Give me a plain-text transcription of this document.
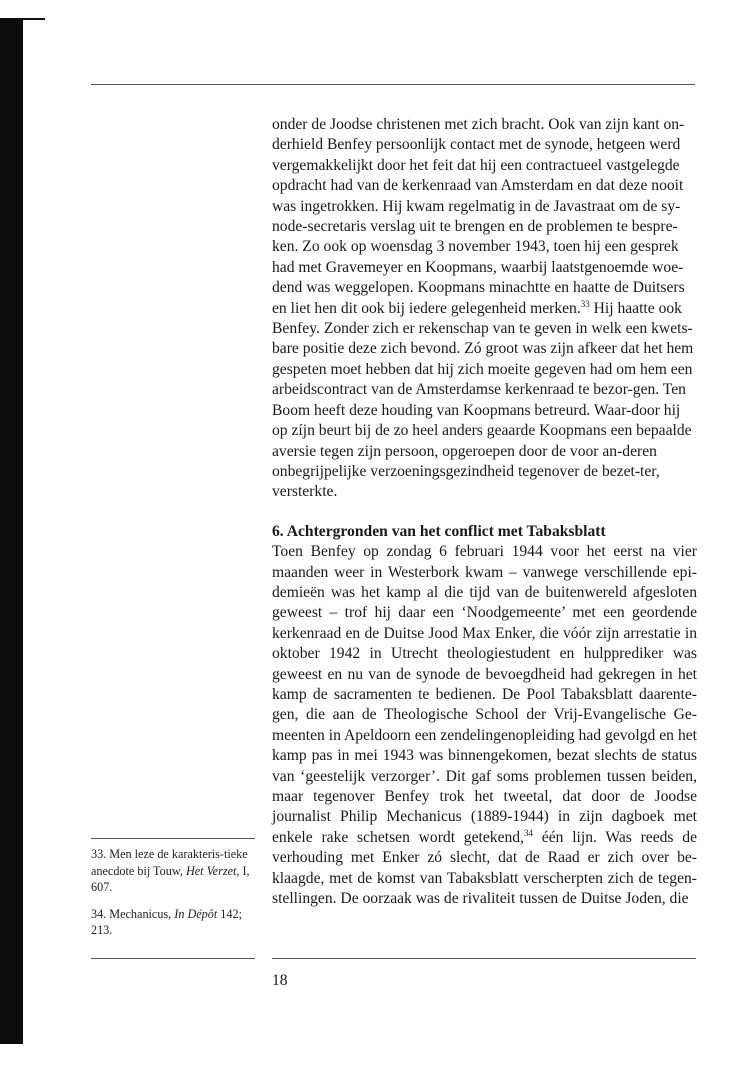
onder de Joodse christenen met zich bracht. Ook van zijn kant on-derhield Benfey persoonlijk contact met de synode, hetgeen werd vergemakkelijkt door het feit dat hij een contractueel vastgelegde opdracht had van de kerkenraad van Amsterdam en dat deze nooit was ingetrokken. Hij kwam regelmatig in de Javastraat om de sy-node-secretaris verslag uit te brengen en de problemen te bespre-ken. Zo ook op woensdag 3 november 1943, toen hij een gesprek had met Gravemeyer en Koopmans, waarbij laatstgenoemde woe-dend was weggelopen. Koopmans minachtte en haatte de Duitsers en liet hen dit ook bij iedere gelegenheid merken.$^{33}$ Hij haatte ook Benfey. Zonder zich er rekenschap van te geven in welk een kwets-bare positie deze zich bevond. Zó groot was zijn afkeer dat het hem gespeten moet hebben dat hij zich moeite gegeven had om hem een arbeidscontract van de Amsterdamse kerkenraad te bezor-gen. Ten Boom heeft deze houding van Koopmans betreurd. Waar-door hij op zíjn beurt bij de zo heel anders geaarde Koopmans een bepaalde aversie tegen zijn persoon, opgeroepen door de voor an-deren onbegrijpelijke verzoeningsgezindheid tegenover de bezet-ter, versterkte.

6. Achtergronden van het conflict met Tabaksblatt

Toen Benfey op zondag 6 februari 1944 voor het eerst na vier maanden weer in Westerbork kwam – vanwege verschillende epi-demieën was het kamp al die tijd van de buitenwereld afgesloten geweest – trof hij daar een ‘Noodgemeente’ met een geordende kerkenraad en de Duitse Jood Max Enker, die vóór zijn arrestatie in oktober 1942 in Utrecht theologiestudent en hulpprediker was geweest en nu van de synode de bevoegdheid had gekregen in het kamp de sacramenten te bedienen. De Pool Tabaksblatt daarente-gen, die aan de Theologische School der Vrij-Evangelische Ge-meenten in Apeldoorn een zendelingenopleiding had gevolgd en het kamp pas in mei 1943 was binnengekomen, bezat slechts de status van ‘geestelijk verzorger’. Dit gaf soms problemen tussen beiden, maar tegenover Benfey trok het tweetal, dat door de Joodse journalist Philip Mechanicus (1889-1944) in zijn dagboek met enkele rake schetsen wordt getekend,$^{34}$ één lijn. Was reeds de verhouding met Enker zó slecht, dat de Raad er zich over be-klaagde, met de komst van Tabaksblatt verscherpten zich de tegen-stellingen. De oorzaak was de rivaliteit tussen de Duitse Joden, die

33. Men leze de karakteris-tieke anecdote bij Touw, Het Verzet, I, 607.

34. Mechanicus, In Dépôt 142; 213.

18
